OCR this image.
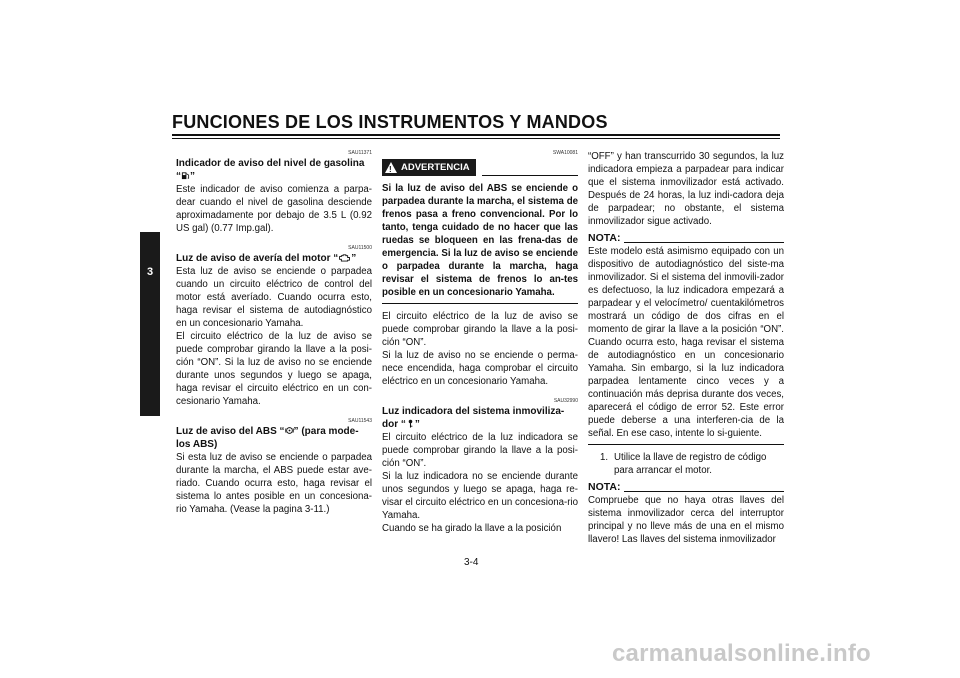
FUNCIONES DE LOS INSTRUMENTOS Y MANDOS
3
SAU11371
Indicador de aviso del nivel de gasolina
“ ”
Este indicador de aviso comienza a parpa-dear cuando el nivel de gasolina desciende aproximadamente por debajo de 3.5 L (0.92 US gal) (0.77 Imp.gal).
SAU11500
Luz de aviso de avería del motor “ ”
Esta luz de aviso se enciende o parpadea cuando un circuito eléctrico de control del motor está averíado. Cuando ocurra esto, haga revisar el sistema de autodiagnóstico en un concesionario Yamaha.
El circuito eléctrico de la luz de aviso se puede comprobar girando la llave a la posi-ción “ON”. Si la luz de aviso no se enciende durante unos segundos y luego se apaga, haga revisar el circuito eléctrico en un con-cesionario Yamaha.
SAU11543
Luz de aviso del ABS “ ” (para mode-los ABS)
Si esta luz de aviso se enciende o parpadea durante la marcha, el ABS puede estar ave-riado. Cuando ocurra esto, haga revisar el sistema lo antes posible en un concesiona-rio Yamaha. (Vease la pagina 3-11.)
SWA10081
!
ADVERTENCIA
Si la luz de aviso del ABS se enciende o parpadea durante la marcha, el sistema de frenos pasa a freno convencional. Por lo tanto, tenga cuidado de no hacer que las ruedas se bloqueen en las frena-das de emergencia. Si la luz de aviso se enciende o parpadea durante la marcha, haga revisar el sistema de frenos lo an-tes posible en un concesionario Yamaha.
El circuito eléctrico de la luz de aviso se puede comprobar girando la llave a la posi-ción “ON”.
Si la luz de aviso no se enciende o perma-nece encendida, haga comprobar el circuito eléctrico en un concesionario Yamaha.
SAU32990
Luz indicadora del sistema inmoviliza-dor “ ”
El circuito eléctrico de la luz indicadora se puede comprobar girando la llave a la posi-ción “ON”.
Si la luz indicadora no se enciende durante unos segundos y luego se apaga, haga re-visar el circuito eléctrico en un concesiona-rio Yamaha.
Cuando se ha girado la llave a la posición
“OFF” y han transcurrido 30 segundos, la luz indicadora empieza a parpadear para indicar que el sistema inmovilizador está activado. Después de 24 horas, la luz indi-cadora deja de parpadear; no obstante, el sistema inmovilizador sigue activado.
NOTA:
Este modelo está asimismo equipado con un dispositivo de autodiagnóstico del siste-ma inmovilizador. Si el sistema del inmovili-zador es defectuoso, la luz indicadora empezará a parpadear y el velocímetro/ cuentakilómetros mostrará un código de dos cifras en el momento de girar la llave a la posición “ON”. Cuando ocurra esto, haga revisar el sistema de autodiagnóstico en un concesionario Yamaha. Sin embargo, si la luz indicadora parpadea lentamente cinco veces y a continuación más deprisa durante dos veces, aparecerá el código de error 52. Este error puede deberse a una interferen-cia de la señal. En ese caso, intente lo si-guiente.
1. Utilice la llave de registro de código para arrancar el motor.
NOTA:
Compruebe que no haya otras llaves del sistema inmovilizador cerca del interruptor principal y no lleve más de una en el mismo llavero! Las llaves del sistema inmovilizador
3-4
carmanualsonline.info
